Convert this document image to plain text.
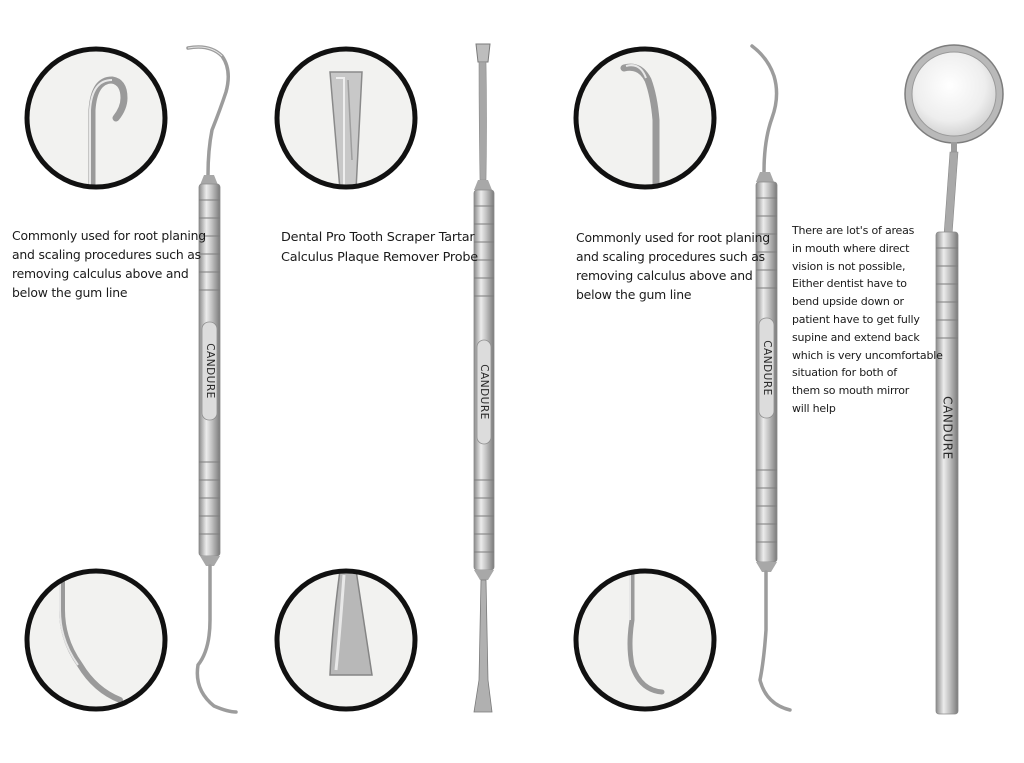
CANDURE	CANDURE	CANDURE
CANDURE
Commonly used for root planing
and scaling procedures such as
removing calculus above and
below the gum line
Dental Pro Tooth Scraper Tartar
Calculus Plaque Remover Probe
Commonly used for root planing
and scaling procedures such as
removing calculus above and
below the gum line
There are lot's of areas
in mouth where direct
vision is not possible,
Either dentist have to
bend upside down or
patient have to get fully
supine and extend back
which is very uncomfortable
situation for both of
them so mouth mirror
will help
